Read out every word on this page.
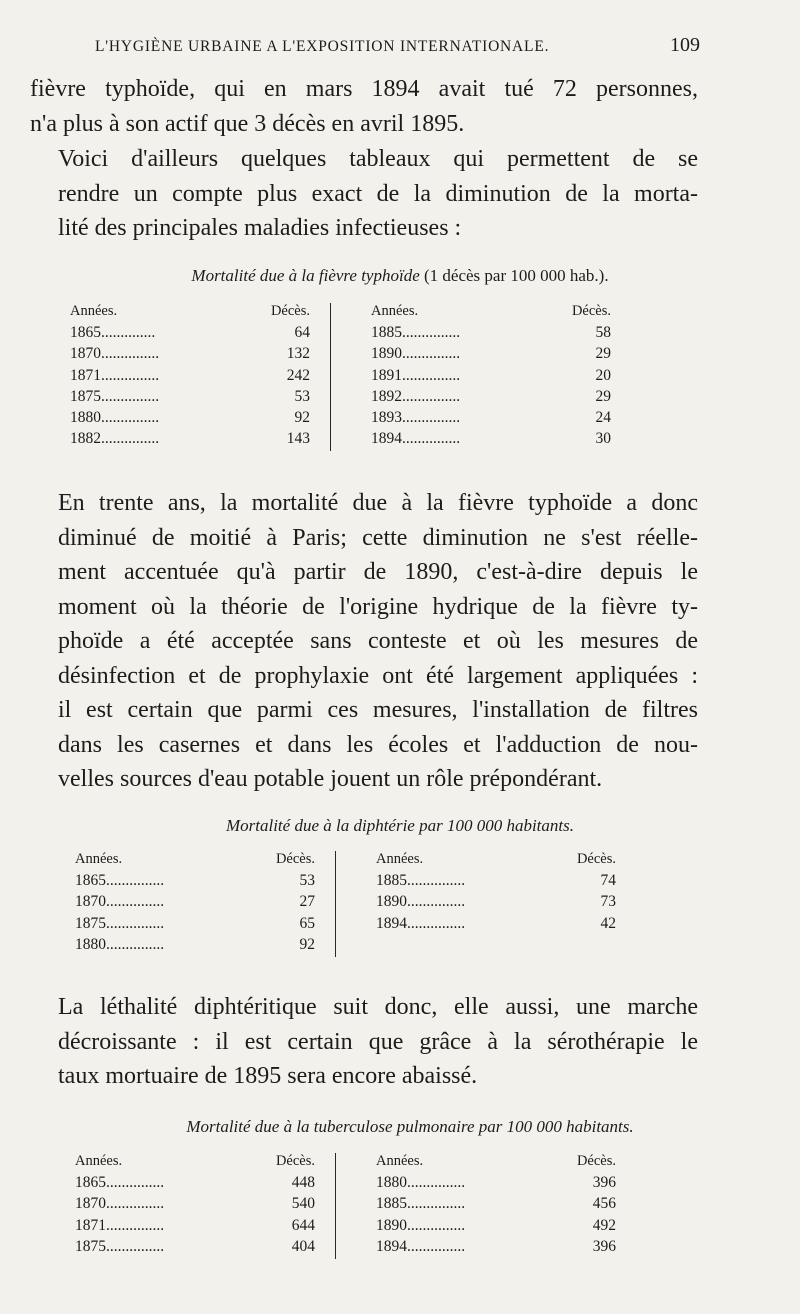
L'HYGIÈNE URBAINE A L'EXPOSITION INTERNATIONALE.	109

fièvre typhoïde, qui en mars 1894 avait tué 72 personnes,
n'a plus à son actif que 3 décès en avril 1895.

Voici d'ailleurs quelques tableaux qui permettent de se
rendre un compte plus exact de la diminution de la morta-
lité des principales maladies infectieuses :

Mortalité due à la fièvre typhoïde (1 décès par 100 000 hab.).
Années.	Décès.
1865..............	64
1870...............	132
1871...............	242
1875...............	53
1880...............	92
1882...............	143
Années.	Décès.
1885...............	58
1890...............	29
1891...............	20
1892...............	29
1893...............	24
1894...............	30

En trente ans, la mortalité due à la fièvre typhoïde a donc
diminué de moitié à Paris; cette diminution ne s'est réelle-
ment accentuée qu'à partir de 1890, c'est-à-dire depuis le
moment où la théorie de l'origine hydrique de la fièvre ty-
phoïde a été acceptée sans conteste et où les mesures de
désinfection et de prophylaxie ont été largement appliquées :
il est certain que parmi ces mesures, l'installation de filtres
dans les casernes et dans les écoles et l'adduction de nou-
velles sources d'eau potable jouent un rôle prépondérant.

Mortalité due à la diphtérie par 100 000 habitants.
Années.	Décès.
1865...............	53
1870...............	27
1875...............	65
1880...............	92
Années.	Décès.
1885...............	74
1890...............	73
1894...............	42

La léthalité diphtéritique suit donc, elle aussi, une marche
décroissante : il est certain que grâce à la sérothérapie le
taux mortuaire de 1895 sera encore abaissé.

Mortalité due à la tuberculose pulmonaire par 100 000 habitants.
Années.	Décès.
1865...............	448
1870...............	540
1871...............	644
1875...............	404
Années.	Décès.
1880...............	396
1885...............	456
1890...............	492
1894...............	396
